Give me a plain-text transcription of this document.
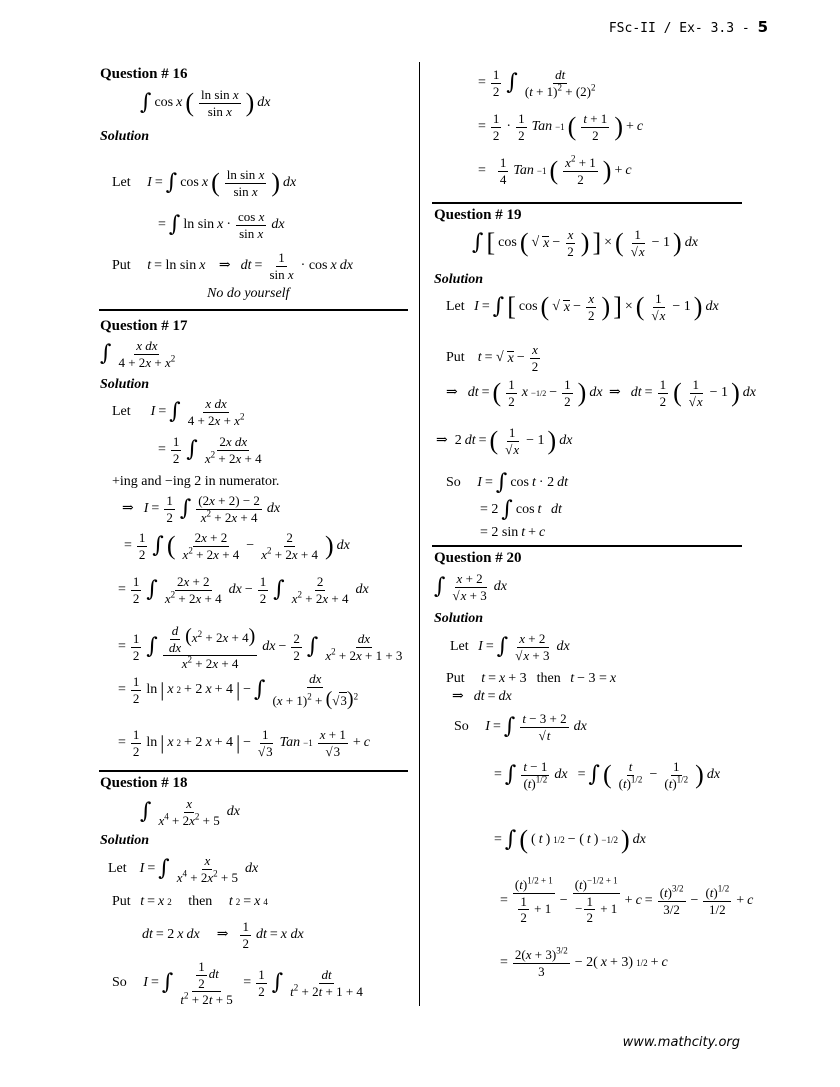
FSc-II / Ex- 3.3 - 5
Question # 16
∫ cos x ( $\frac{\text{ln sin x}}{\text{sin x}}$ ) dx
Solution
Let
I = ∫ cos x ( $\frac{\text{ln sin x}}{\text{sin x}}$ ) dx
= ∫ $\ln \sin x \cdot \frac{\text{cos x}}{\text{sin x}}$ dx
Put
t = ln sin x ⇒ dt = $\frac{1}{\text{sin x}} \cdot \cos x$ dx
No do yourself
Question # 17
∫ $\frac{\text{x dx}}{4 + 2x + x^2}$
Solution
Let
I = ∫ $\frac{\text{x dx}}{4 + 2x + x^2}$
= $\frac{1}{2}$ ∫ $\frac{\text{2x dx}}{x^2 + 2x + 4}$
+ing and −ing 2 in numerator.
⇒ $I = \frac{1}{2}$ ∫ $\frac{(2x + 2) - 2}{x^2 + 2x + 4}$ dx
= $\frac{1}{2}$ ∫ ( $\frac{2x + 2}{x^2 + 2x + 4} - \frac{2}{x^2 + 2x + 4}$ ) dx
= $\frac{1}{2}$ ∫ $\frac{2x + 2}{x^2 + 2x + 4}$ dx − $\frac{1}{2}$ ∫ $\frac{2}{x^2 + 2x + 4}$ dx
= $\frac{1}{2}$ ∫ $\frac{\frac{d}{dx} (x^2 + 2x + 4)}{x^2 + 2x + 4}$ dx − $\frac{2}{2}$ ∫ $\frac{dx}{x^2 + 2x + 1 + 3}$
= $\frac{1}{2}$ ln | x 2 + 2 x + 4 | − ∫ $\frac{dx}{(x + 1)^2 + (√3)^2}$
= $\frac{1}{2}$ ln | x 2 + 2 x + 4 | − $\frac{1}{√3}$ Tan $-1 \frac{x + 1}{√3} + c$
Question # 18
∫ $\frac{x}{x^4 + 2x^2 + 5}$ dx
Solution
Let
I = ∫ $\frac{x}{x^4 + 2x^2 + 5}$ dx
Put
t = x 2
then
t 2 = x 4
dt = 2 x dx ⇒ $\frac{1}{2}$ dt = x dx
So
I = ∫ $\frac{\frac{1}{2} dt}{t^2 + 2t + 5} = \frac{1}{2}$ ∫ $\frac{dt}{t^2 + 2t + 1 + 4}$
= $\frac{1}{2}$ ∫ $\frac{dt}{(t + 1)^2 + (2)^2}$
= $\frac{1}{2} \cdot \frac{1}{2}$ Tan −1 ( $\frac{t + 1}{2}$ ) + c
= $\frac{1}{4}$ Tan −1 ( $\frac{x^2 + 1}{2}$ ) + c
Question # 19
∫ [ cos ( √ $x - \frac{x}{2}$ ) ] × ( $\frac{1}{√x} - 1$ ) dx
Solution
Let
I = ∫ [ cos ( √ $x - \frac{x}{2}$ ) ] × ( $\frac{1}{√x} - 1$ ) dx
Put
t = √ $x - \frac{x}{2}$
⇒ dt = ( $\frac{1}{2}$ $x -1/2 - \frac{1}{2}$ ) dx ⇒ dt = $\frac{1}{2}$ ( $\frac{1}{√x} - 1$ ) dx
⇒  2 dt = ( $\frac{1}{√x} - 1$ ) dx
So
I = ∫ cos t · 2 dt
= 2 ∫ cos t
dt
= 2 sin t + c
Question # 20
∫ $\frac{x + 2}{√x + 3}$ dx
Solution
Let
I = ∫ $\frac{x + 2}{√x + 3}$ dx
Put
t = x + 3 then
t − 3 = x
⇒ dt = dx
So
I = ∫ $\frac{t - 3 + 2}{√t}$ dx
= ∫ $\frac{t - 1}{(t)^{1/2}}$ dx = ∫ ( $\frac{t}{(t)^{1/2}} - \frac{1}{(t)^{1/2}}$ ) dx
= ∫ ( ( t ) 1/2 − ( t ) −1/2 ) dx
= $\frac{(t)^{1/2 + 1}}{\frac{1}{2} + 1} - \frac{(t)^{-1/2 + 1}}{- \frac{1}{2} + 1} + c = \frac{(t)^{3/2}}{3/2} - \frac{(t)^{1/2}}{1/2} + c$
= $\frac{2(x + 3)^{3/2}}{3} - 2$( x + 3) 1/2 + c
www.mathcity.org
